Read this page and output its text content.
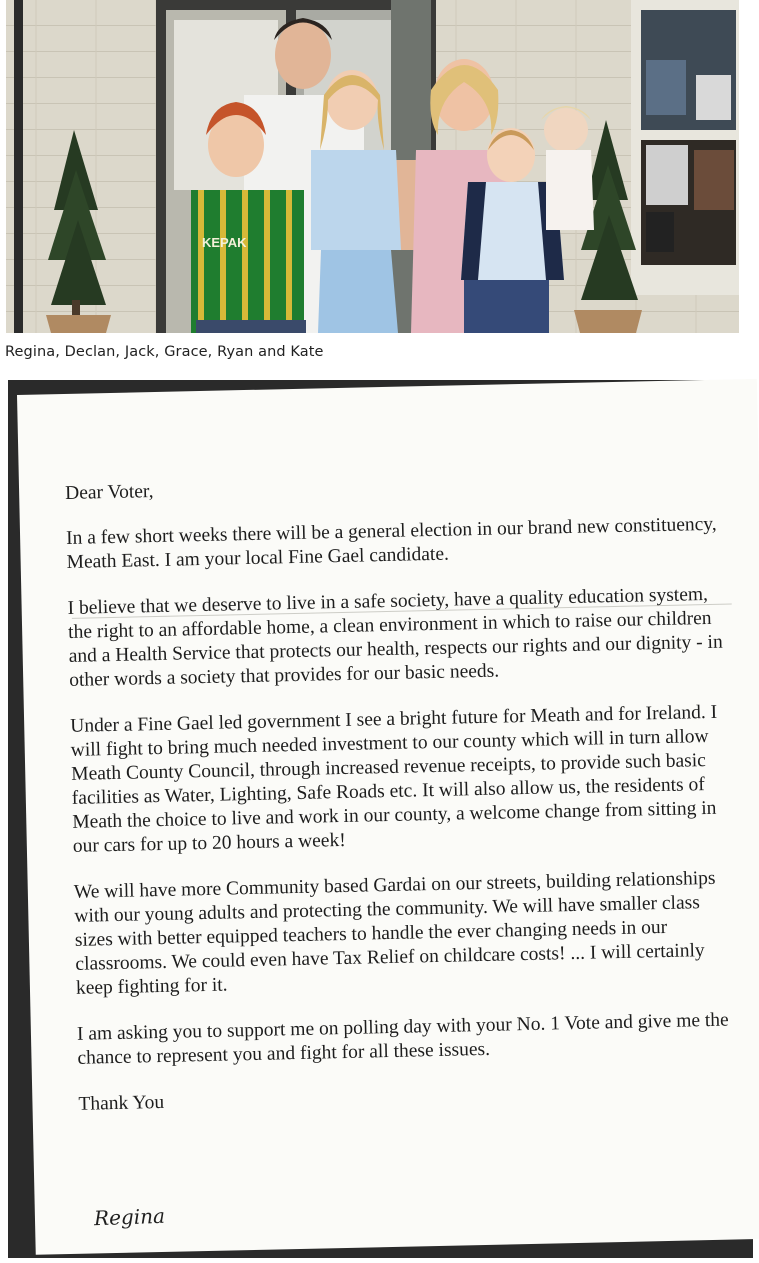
KEPAK
Regina, Declan, Jack, Grace, Ryan and Kate

Dear Voter,

In a few short weeks there will be a general election in our brand new constituency, Meath East. I am your local Fine Gael candidate.

I believe that we deserve to live in a safe society, have a quality education system, the right to an affordable home, a clean environment in which to raise our children and a Health Service that protects our health, respects our rights and our dignity - in other words a society that provides for our basic needs.

Under a Fine Gael led government I see a bright future for Meath and for Ireland. I will fight to bring much needed investment to our county which will in turn allow Meath County Council, through increased revenue receipts, to provide such basic facilities as Water, Lighting, Safe Roads etc. It will also allow us, the residents of Meath the choice to live and work in our county, a welcome change from sitting in our cars for up to 20 hours a week!

We will have more Community based Gardai on our streets, building relationships with our young adults and protecting the community. We will have smaller class sizes with better equipped teachers to handle the ever changing needs in our classrooms. We could even have Tax Relief on childcare costs! ... I will certainly keep fighting for it.

I am asking you to support me on polling day with your No. 1 Vote and give me the chance to represent you and fight for all these issues.

Thank You

Regina
